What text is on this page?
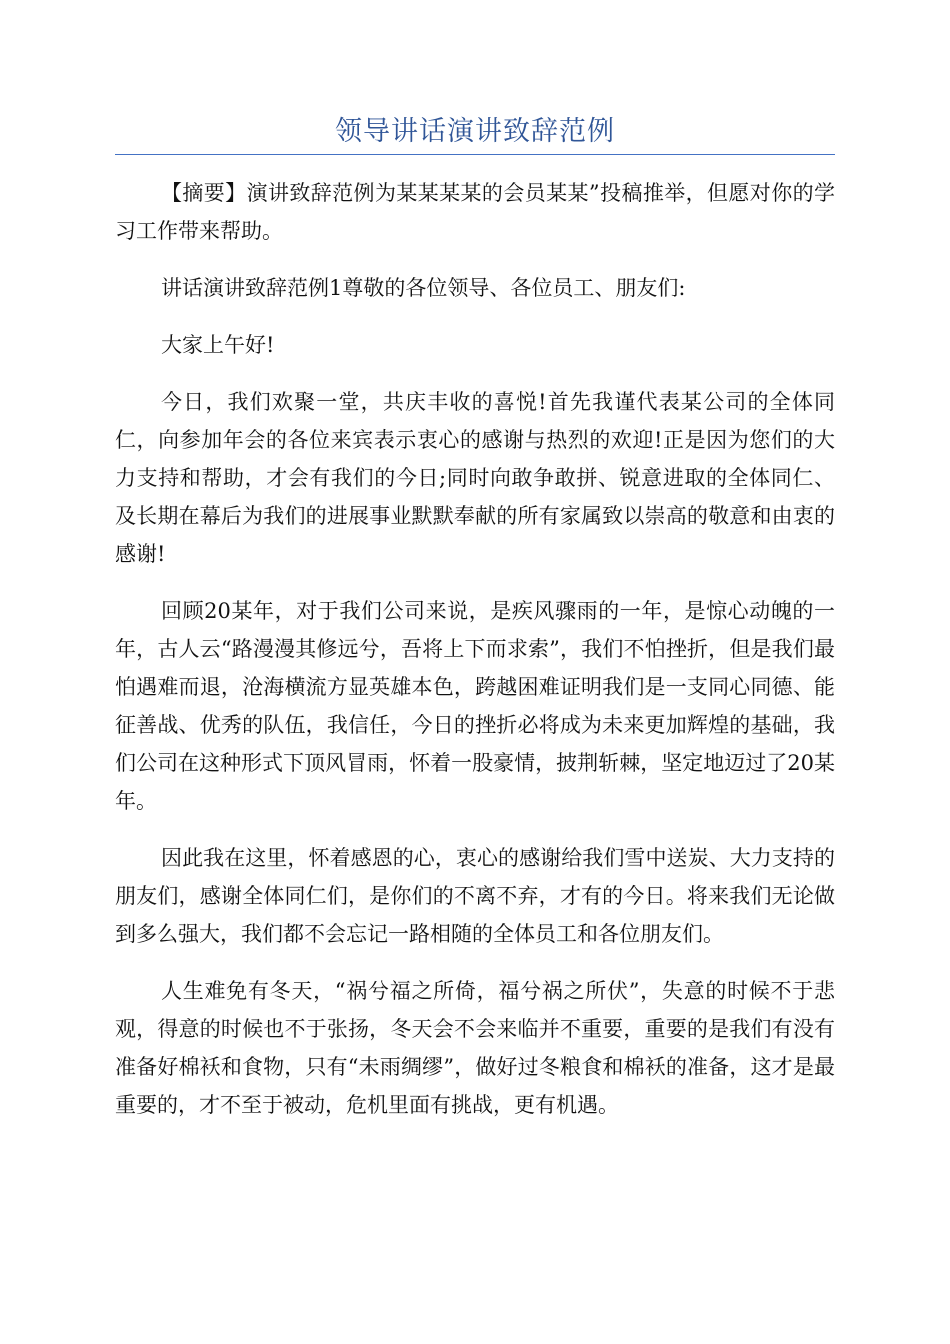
领导讲话演讲致辞范例

【摘要】演讲致辞范例为某某某某的会员某某”投稿推举，但愿对你的学习工作带来帮助。

讲话演讲致辞范例1尊敬的各位领导、各位员工、朋友们:

大家上午好!

今日，我们欢聚一堂，共庆丰收的喜悦!首先我谨代表某公司的全体同仁，向参加年会的各位来宾表示衷心的感谢与热烈的欢迎!正是因为您们的大力支持和帮助，才会有我们的今日;同时向敢争敢拼、锐意进取的全体同仁、及长期在幕后为我们的进展事业默默奉献的所有家属致以崇高的敬意和由衷的感谢!

回顾20某年，对于我们公司来说，是疾风骤雨的一年，是惊心动魄的一年，古人云“路漫漫其修远兮，吾将上下而求索”，我们不怕挫折，但是我们最怕遇难而退，沧海横流方显英雄本色，跨越困难证明我们是一支同心同德、能征善战、优秀的队伍，我信任，今日的挫折必将成为未来更加辉煌的基础，我们公司在这种形式下顶风冒雨，怀着一股豪情，披荆斩棘，坚定地迈过了20某年。

因此我在这里，怀着感恩的心，衷心的感谢给我们雪中送炭、大力支持的朋友们，感谢全体同仁们，是你们的不离不弃，才有的今日。将来我们无论做到多么强大，我们都不会忘记一路相随的全体员工和各位朋友们。

人生难免有冬天，“祸兮福之所倚，福兮祸之所伏”，失意的时候不于悲观，得意的时候也不于张扬，冬天会不会来临并不重要，重要的是我们有没有准备好棉袄和食物，只有“未雨绸缪”，做好过冬粮食和棉袄的准备，这才是最重要的，才不至于被动，危机里面有挑战，更有机遇。
